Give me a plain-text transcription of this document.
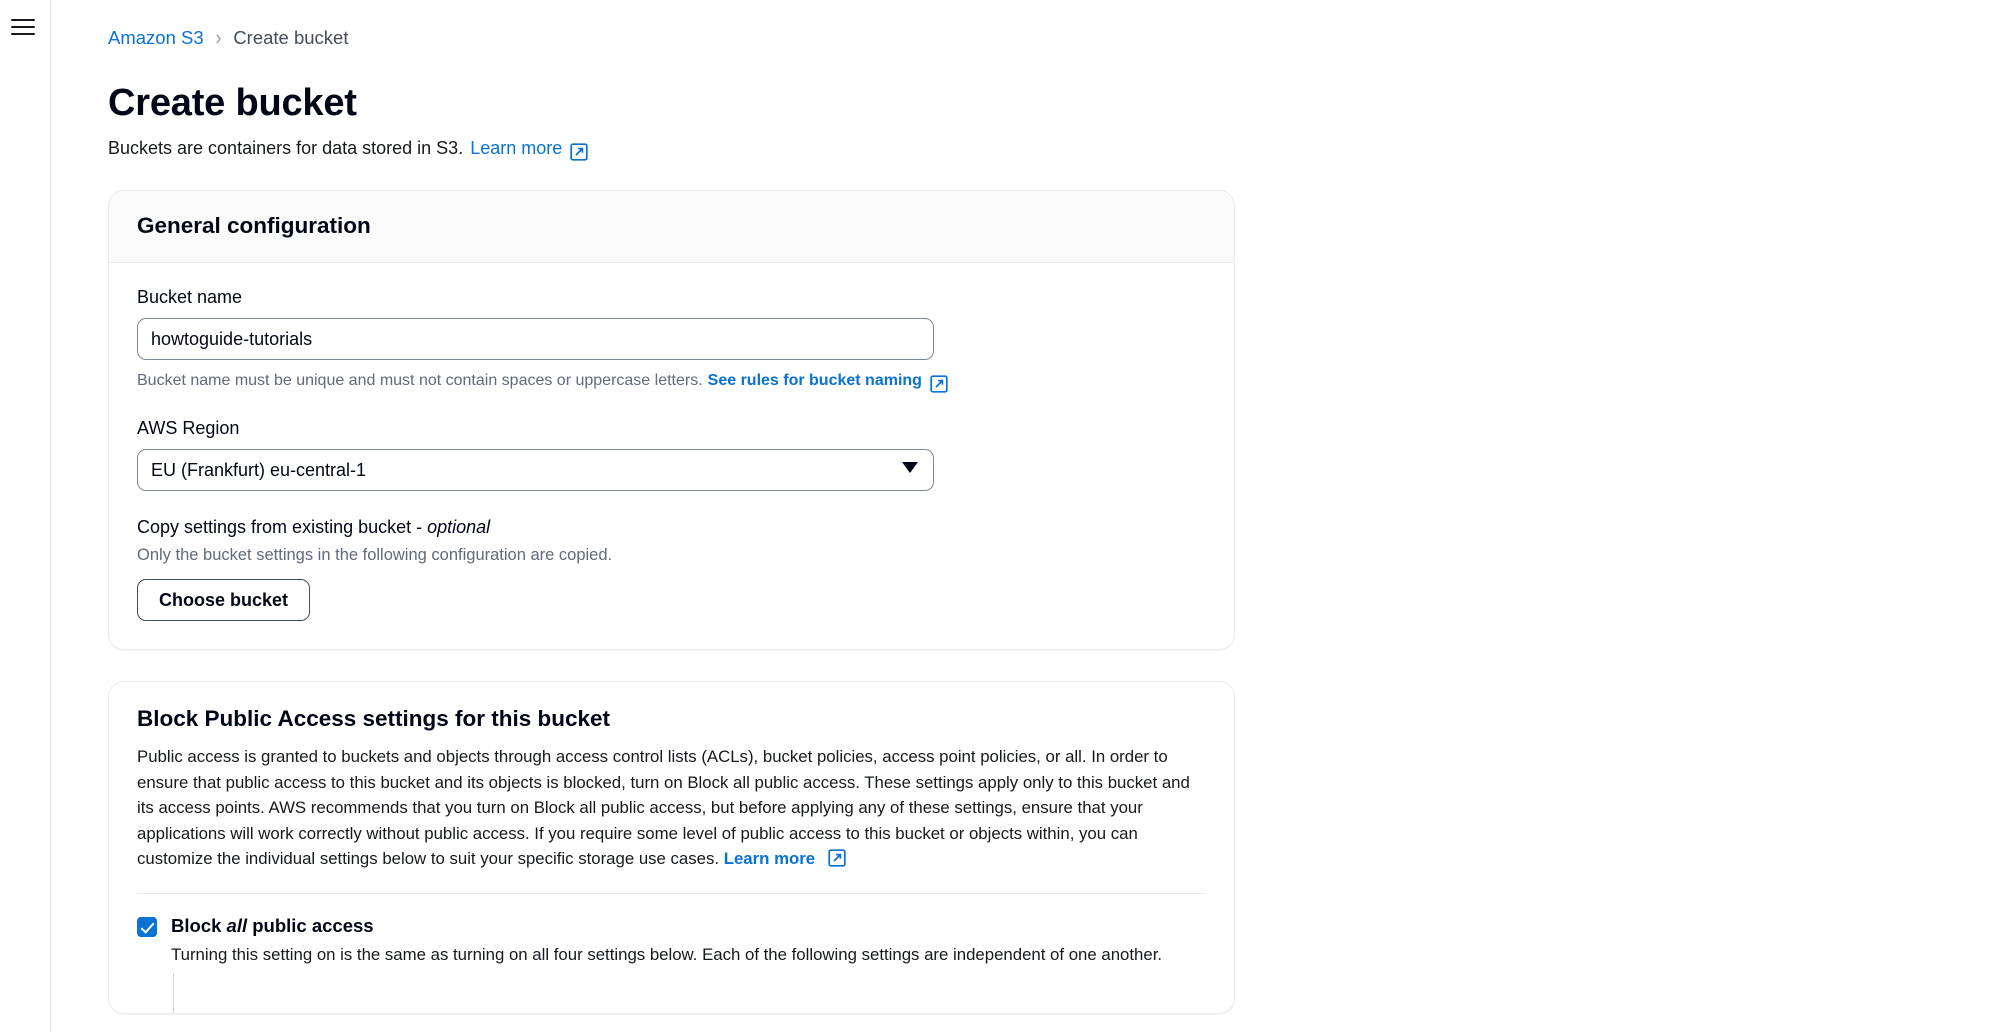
Amazon S3 › Create bucket
Create bucket
Buckets are containers for data stored in S3. Learn more
General configuration
Bucket name
howtoguide-tutorials
Bucket name must be unique and must not contain spaces or uppercase letters. See rules for bucket naming
AWS Region
EU (Frankfurt) eu-central-1
Copy settings from existing bucket - optional
Only the bucket settings in the following configuration are copied.
Choose bucket
Block Public Access settings for this bucket
Public access is granted to buckets and objects through access control lists (ACLs), bucket policies, access point policies, or all. In order to ensure that public access to this bucket and its objects is blocked, turn on Block all public access. These settings apply only to this bucket and its access points. AWS recommends that you turn on Block all public access, but before applying any of these settings, ensure that your applications will work correctly without public access. If you require some level of public access to this bucket or objects within, you can customize the individual settings below to suit your specific storage use cases. Learn more
Block all public access
Turning this setting on is the same as turning on all four settings below. Each of the following settings are independent of one another.
